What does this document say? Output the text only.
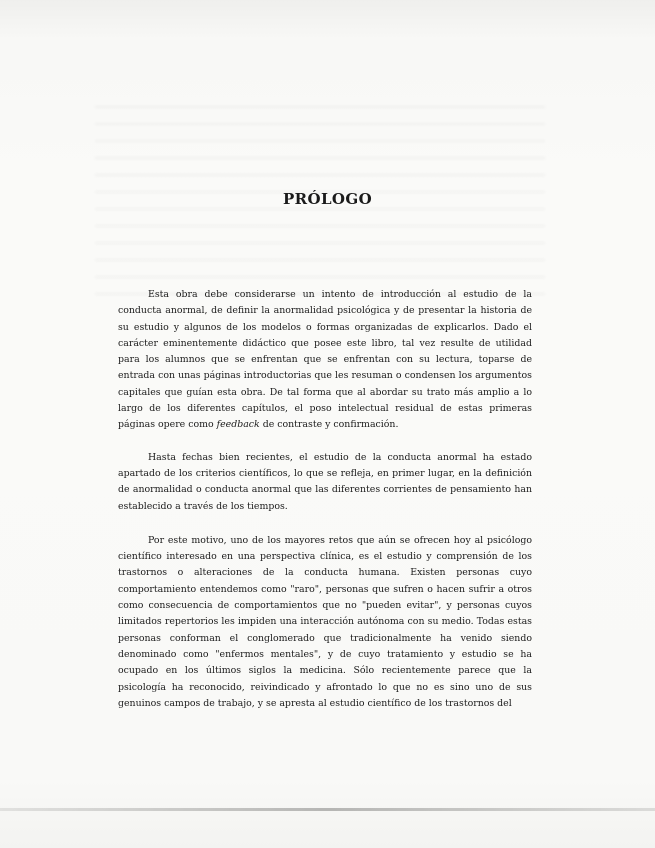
PRÓLOGO

Esta obra debe considerarse un intento de introducción al estudio de la conducta anormal, de definir la anormalidad psicológica y de presentar la historia de su estudio y algunos de los modelos o formas organizadas de explicarlos. Dado el carácter eminentemente didáctico que posee este libro, tal vez resulte de utilidad para los alumnos que se enfrentan que se enfrentan con su lectura, toparse de entrada con unas páginas introductorias que les resuman o condensen los argumentos capitales que guían esta obra. De tal forma que al abordar su trato más amplio a lo largo de los diferentes capítulos, el poso intelectual residual de estas primeras páginas opere como feedback de contraste y confirmación.

Hasta fechas bien recientes, el estudio de la conducta anormal ha estado apartado de los criterios científicos, lo que se refleja, en primer lugar, en la definición de anormalidad o conducta anormal que las diferentes corrientes de pensamiento han establecido a través de los tiempos.

Por este motivo, uno de los mayores retos que aún se ofrecen hoy al psicólogo científico interesado en una perspectiva clínica, es el estudio y comprensión de los trastornos o alteraciones de la conducta humana. Existen personas cuyo comportamiento entendemos como "raro", personas que sufren o hacen sufrir a otros como consecuencia de comportamientos que no "pueden evitar", y personas cuyos limitados repertorios les impiden una interacción autónoma con su medio. Todas estas personas conforman el conglomerado que tradicionalmente ha venido siendo denominado como "enfermos mentales", y de cuyo tratamiento y estudio se ha ocupado en los últimos siglos la medicina. Sólo recientemente parece que la psicología ha reconocido, reivindicado y afrontado lo que no es sino uno de sus genuinos campos de trabajo, y se apresta al estudio científico de los trastornos del
